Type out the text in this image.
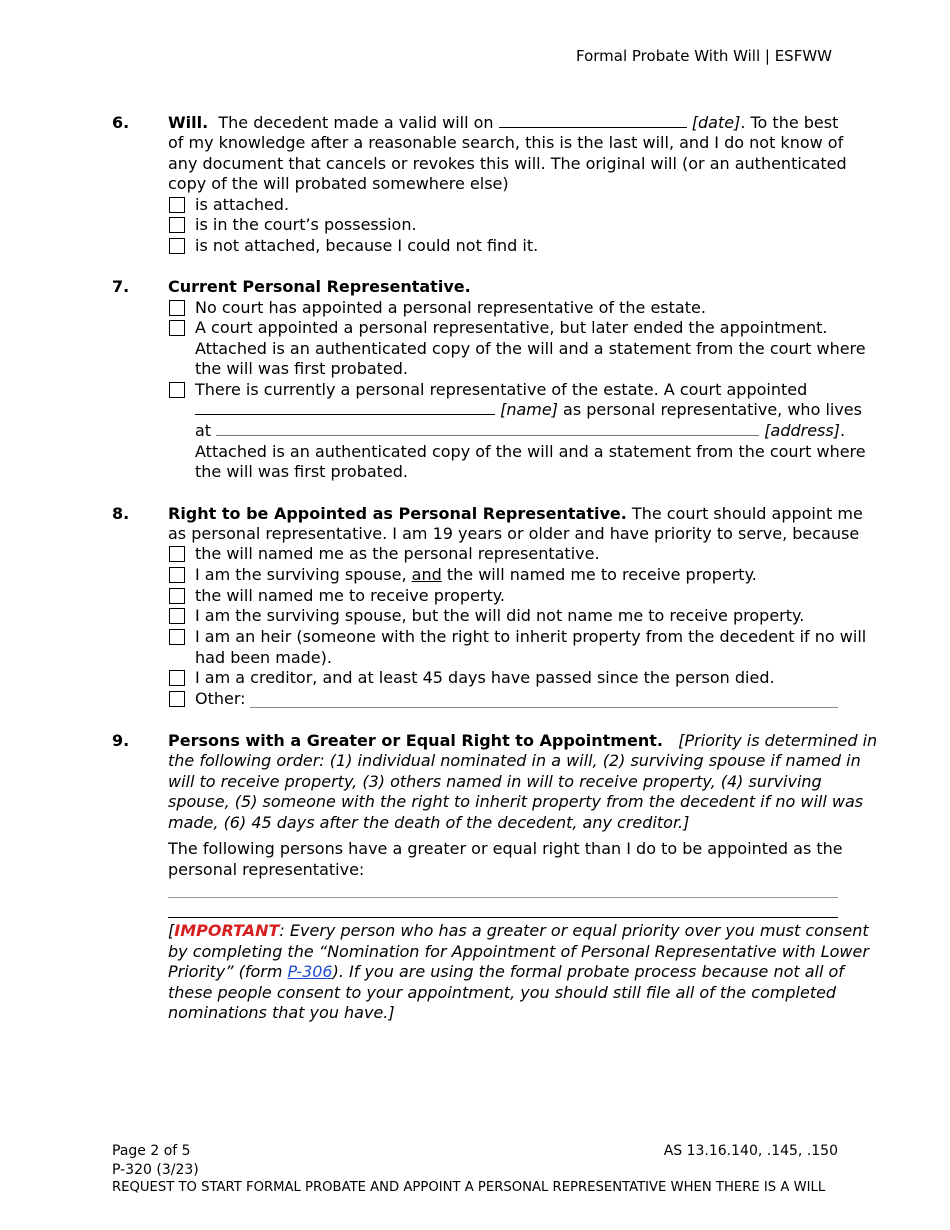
Formal Probate With Will | ESFWW
6. Will. The decedent made a valid will on	[date]. To the best
of my knowledge after a reasonable search, this is the last will, and I do not know of
any document that cancels or revokes this will. The original will (or an authenticated
copy of the will probated somewhere else)
is attached.
is in the court’s possession.
is not attached, because I could not find it.
7. Current Personal Representative.
No court has appointed a personal representative of the estate.
A court appointed a personal representative, but later ended the appointment.
Attached is an authenticated copy of the will and a statement from the court where
the will was first probated.
There is currently a personal representative of the estate. A court appointed
[name] as personal representative, who lives
at	[address].
Attached is an authenticated copy of the will and a statement from the court where
the will was first probated.
8. Right to be Appointed as Personal Representative. The court should appoint me
as personal representative. I am 19 years or older and have priority to serve, because
the will named me as the personal representative.
I am the surviving spouse, and the will named me to receive property.
the will named me to receive property.
I am the surviving spouse, but the will did not name me to receive property.
I am an heir (someone with the right to inherit property from the decedent if no will
had been made).
I am a creditor, and at least 45 days have passed since the person died.
Other:
9. Persons with a Greater or Equal Right to Appointment. [Priority is determined in
the following order: (1) individual nominated in a will, (2) surviving spouse if named in
will to receive property, (3) others named in will to receive property, (4) surviving
spouse, (5) someone with the right to inherit property from the decedent if no will was
made, (6) 45 days after the death of the decedent, any creditor.]
The following persons have a greater or equal right than I do to be appointed as the
personal representative:
[IMPORTANT: Every person who has a greater or equal priority over you must consent
by completing the “Nomination for Appointment of Personal Representative with Lower
Priority” (form P-306). If you are using the formal probate process because not all of
these people consent to your appointment, you should still file all of the completed
nominations that you have.]
Page 2 of 5	AS 13.16.140, .145, .150
P-320 (3/23)
REQUEST TO START FORMAL PROBATE AND APPOINT A PERSONAL REPRESENTATIVE WHEN THERE IS A WILL
